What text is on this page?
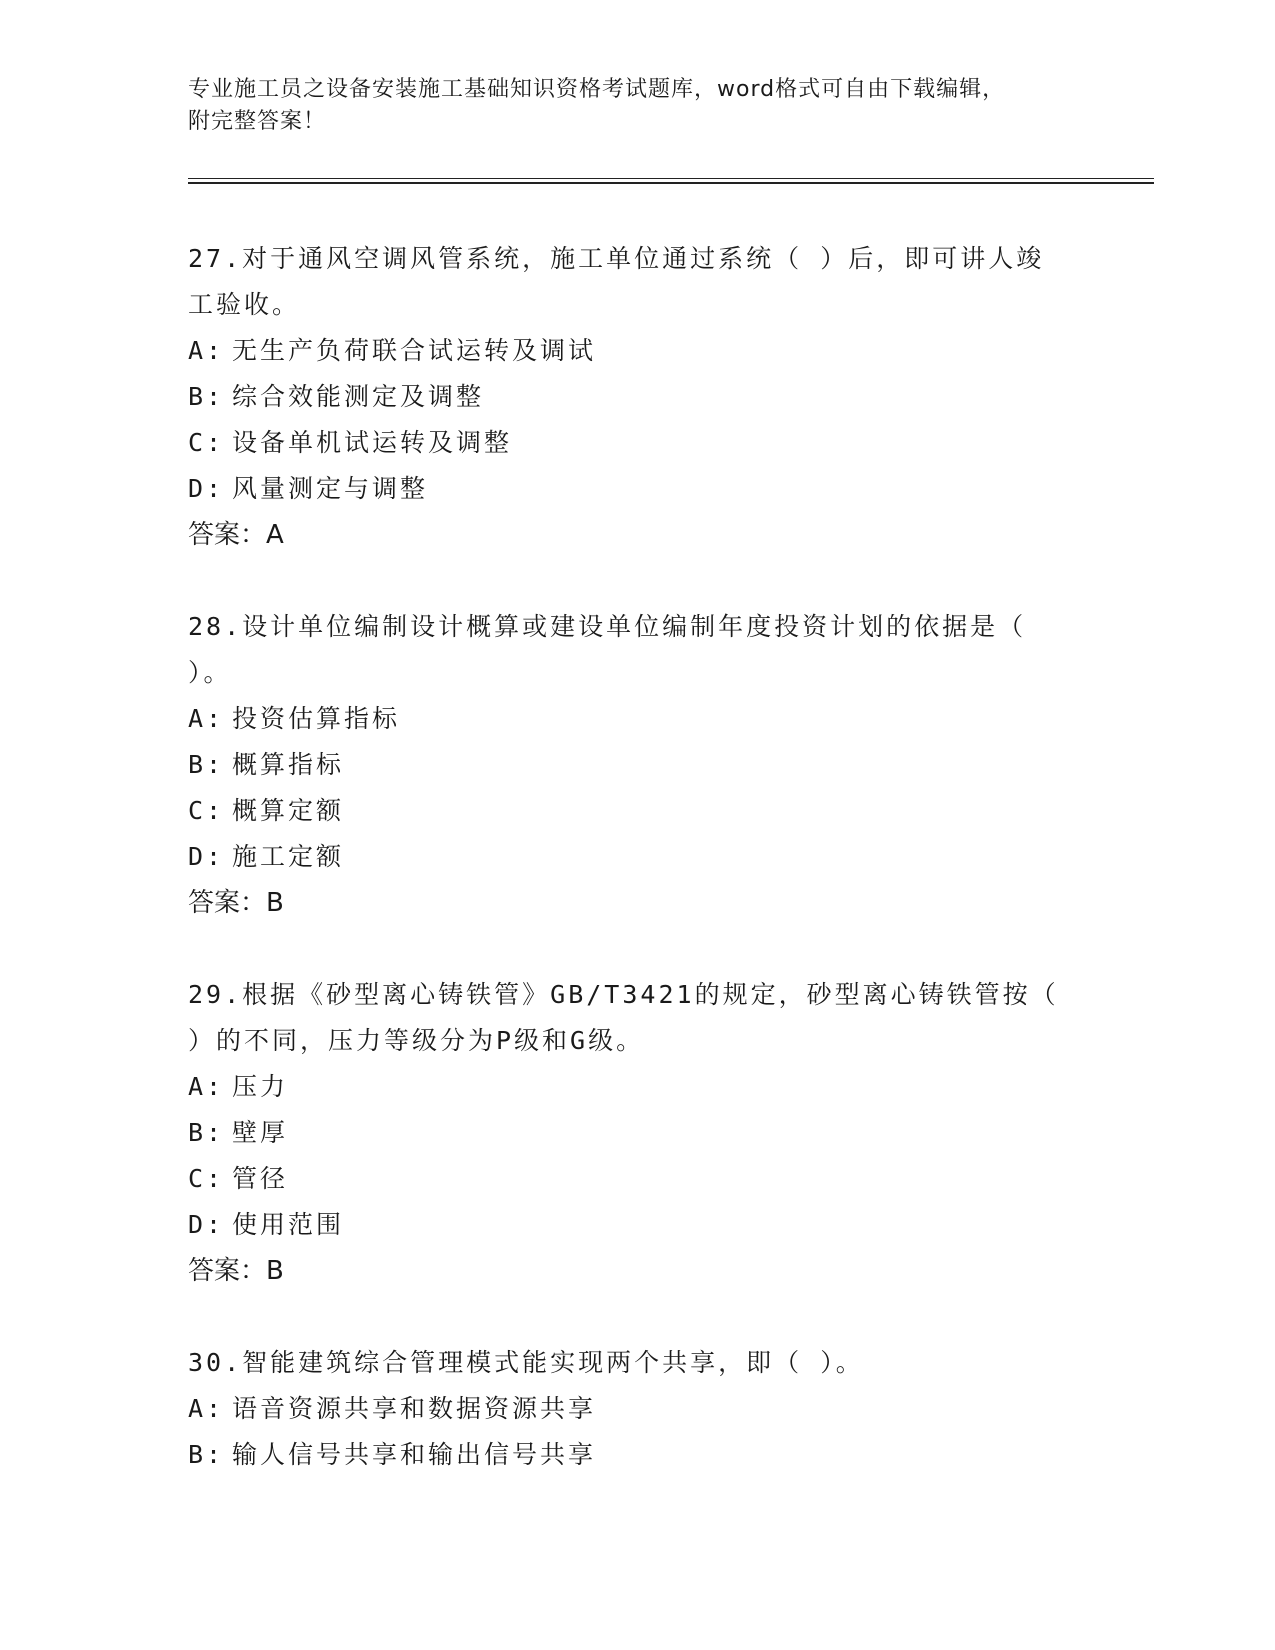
专业施工员之设备安装施工基础知识资格考试题库，word格式可自由下载编辑，
附完整答案！
27.对于通风空调风管系统，施工单位通过系统（ ）后，即可讲人竣
工验收。
A: 无生产负荷联合试运转及调试
B: 综合效能测定及调整
C: 设备单机试运转及调整
D: 风量测定与调整
答案：A
28.设计单位编制设计概算或建设单位编制年度投资计划的依据是（
）。
A: 投资估算指标
B: 概算指标
C: 概算定额
D: 施工定额
答案：B
29.根据《砂型离心铸铁管》GB/T3421的规定，砂型离心铸铁管按（
）的不同，压力等级分为P级和G级。
A: 压力
B: 壁厚
C: 管径
D: 使用范围
答案：B
30.智能建筑综合管理模式能实现两个共享，即（ ）。
A: 语音资源共享和数据资源共享
B: 输人信号共享和输出信号共享
